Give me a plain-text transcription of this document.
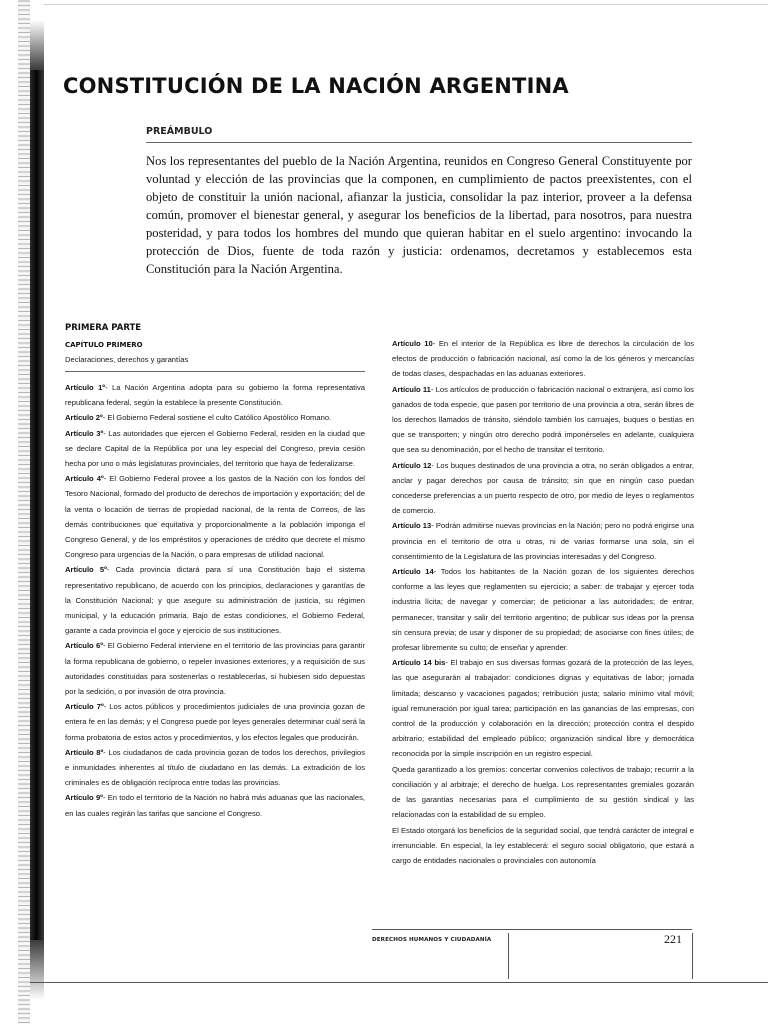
CONSTITUCIÓN DE LA NACIÓN ARGENTINA
PREÁMBULO

Nos los representantes del pueblo de la Nación Argentina, reunidos en Congreso General Constituyente por voluntad y elección de las provincias que la componen, en cumplimiento de pactos preexistentes, con el objeto de constituir la unión nacional, afianzar la justicia, consolidar la paz interior, proveer a la defensa común, promover el bienestar general, y asegurar los beneficios de la libertad, para nosotros, para nuestra posteridad, y para todos los hombres del mundo que quieran habitar en el suelo argentino: invocando la protección de Dios, fuente de toda razón y justicia: ordenamos, decretamos y establecemos esta Constitución para la Nación Argentina.

PRIMERA PARTE
CAPÍTULO PRIMERO
Declaraciones, derechos y garantías

Artículo 1º- La Nación Argentina adopta para su gobierno la forma representativa republicana federal, según la establece la presente Constitución.

Artículo 2º- El Gobierno Federal sostiene el culto Católico Apostólico Romano.

Artículo 3º- Las autoridades que ejercen el Gobierno Federal, residen en la ciudad que se declare Capital de la República por una ley especial del Congreso, previa cesión hecha por uno o más legislaturas provinciales, del territorio que haya de federalizarse.

Artículo 4º- El Gobierno Federal provee a los gastos de la Nación con los fondos del Tesoro Nacional, formado del producto de derechos de importación y exportación; del de la venta o locación de tierras de propiedad nacional, de la renta de Correos, de las demás contribuciones que equitativa y proporcionalmente a la población imponga el Congreso General, y de los empréstitos y operaciones de crédito que decrete el mismo Congreso para urgencias de la Nación, o para empresas de utilidad nacional.

Artículo 5º- Cada provincia dictará para sí una Constitución bajo el sistema representativo republicano, de acuerdo con los principios, declaraciones y garantías de la Constitución Nacional; y que asegure su administración de justicia, su régimen municipal, y la educación primaria. Bajo de estas condiciones, el Gobierno Federal, garante a cada provincia el goce y ejercicio de sus instituciones.

Artículo 6º- El Gobierno Federal interviene en el territorio de las provincias para garantir la forma republicana de gobierno, o repeler invasiones exteriores, y a requisición de sus autoridades constituidas para sostenerlas o restablecerlas, si hubiesen sido depuestas por la sedición, o por invasión de otra provincia.

Artículo 7º- Los actos públicos y procedimientos judiciales de una provincia gozan de entera fe en las demás; y el Congreso puede por leyes generales determinar cuál será la forma probatoria de estos actos y procedimientos, y los efectos legales que producirán.

Artículo 8º- Los ciudadanos de cada provincia gozan de todos los derechos, privilegios e inmunidades inherentes al título de ciudadano en las demás. La extradición de los criminales es de obligación recíproca entre todas las provincias.

Artículo 9º- En todo el territorio de la Nación no habrá más aduanas que las nacionales, en las cuales regirán las tarifas que sancione el Congreso.

Artículo 10- En el interior de la República es libre de derechos la circulación de los efectos de producción o fabricación nacional, así como la de los géneros y mercancías de todas clases, despachadas en las aduanas exteriores.

Artículo 11- Los artículos de producción o fabricación nacional o extranjera, así como los ganados de toda especie, que pasen por territorio de una provincia a otra, serán libres de los derechos llamados de tránsito, siéndolo también los carruajes, buques o bestias en que se transporten; y ningún otro derecho podrá imponérseles en adelante, cualquiera que sea su denominación, por el hecho de transitar el territorio.

Artículo 12- Los buques destinados de una provincia a otra, no serán obligados a entrar, anclar y pagar derechos por causa de tránsito; sin que en ningún caso puedan concederse preferencias a un puerto respecto de otro, por medio de leyes o reglamentos de comercio.

Artículo 13- Podrán admitirse nuevas provincias en la Nación; pero no podrá erigirse una provincia en el territorio de otra u otras, ni de varias formarse una sola, sin el consentimiento de la Legislatura de las provincias interesadas y del Congreso.

Artículo 14- Todos los habitantes de la Nación gozan de los siguientes derechos conforme a las leyes que reglamenten su ejercicio; a saber: de trabajar y ejercer toda industria lícita; de navegar y comerciar; de peticionar a las autoridades; de entrar, permanecer, transitar y salir del territorio argentino; de publicar sus ideas por la prensa sin censura previa; de usar y disponer de su propiedad; de asociarse con fines útiles; de profesar libremente su culto; de enseñar y aprender.

Artículo 14 bis- El trabajo en sus diversas formas gozará de la protección de las leyes, las que asegurarán al trabajador: condiciones dignas y equitativas de labor; jornada limitada; descanso y vacaciones pagados; retribución justa; salario mínimo vital móvil; igual remuneración por igual tarea; participación en las ganancias de las empresas, con control de la producción y colaboración en la dirección; protección contra el despido arbitrario; estabilidad del empleado público; organización sindical libre y democrática reconocida por la simple inscripción en un registro especial.

Queda garantizado a los gremios: concertar convenios colectivos de trabajo; recurrir a la conciliación y al arbitraje; el derecho de huelga. Los representantes gremiales gozarán de las garantías necesarias para el cumplimiento de su gestión sindical y las relacionadas con la estabilidad de su empleo.

El Estado otorgará los beneficios de la seguridad social, que tendrá carácter de integral e irrenunciable. En especial, la ley establecerá: el seguro social obligatorio, que estará a cargo de entidades nacionales o provinciales con autonomía

DERECHOS HUMANOS Y CIUDADANÍA	221
